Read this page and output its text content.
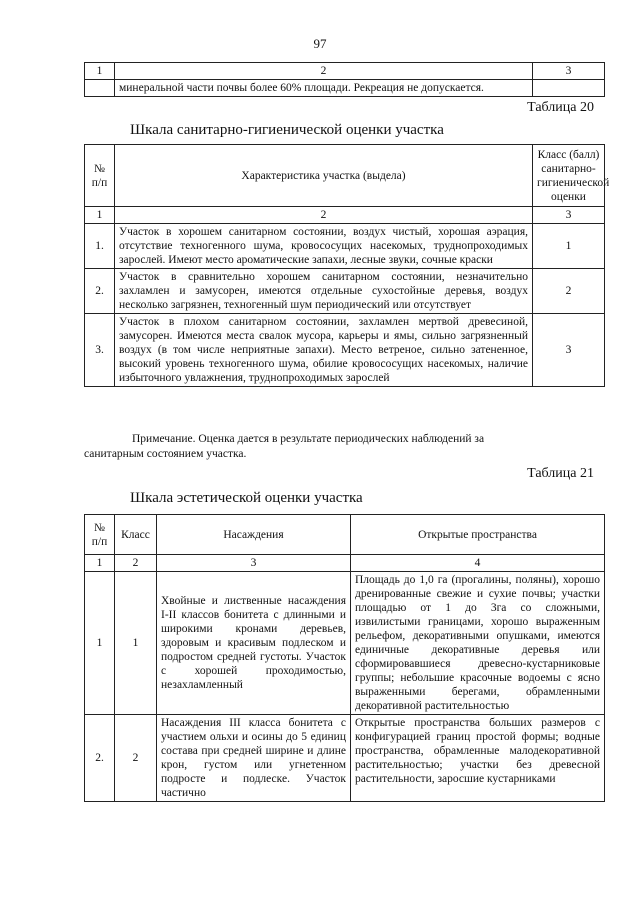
97
1	2	3
	минеральной части почвы более 60% площади. Рекреация не допускается.	
Таблица 20
Шкала санитарно-гигиенической оценки участка
№ п/п	Характеристика участка (выдела)	Класс (балл) санитарно-гигиенической оценки
1	2	3
1.	Участок в хорошем санитарном состоянии, воздух чистый, хорошая аэрация, отсутствие техногенного шума, кровососущих насекомых, труднопроходимых зарослей. Имеют место ароматические запахи, лесные звуки, сочные краски	1
2.	Участок в сравнительно хорошем санитарном состоянии, незначительно захламлен и замусорен, имеются отдельные сухостойные деревья, воздух несколько загрязнен, техногенный шум периодический или отсутствует	2
3.	Участок в плохом санитарном состоянии, захламлен мертвой древесиной, замусорен. Имеются места свалок мусора, карьеры и ямы, сильно загрязненный воздух (в том числе неприятные запахи). Место ветреное, сильно затененное, высокий уровень техногенного шума, обилие кровососущих насекомых, наличие избыточного увлажнения, труднопроходимых зарослей	3
Примечание. Оценка дается в результате периодических наблюдений за
санитарным состоянием участка.
Таблица 21
Шкала эстетической оценки участка
№ п/п	Класс	Насаждения	Открытые пространства
1	2	3	4
1	1	Хвойные и лиственные насаждения I-II классов бонитета с длинными и широкими кронами деревьев, здоровым и красивым подлеском и подростом средней густоты. Участок с хорошей проходимостью, незахламленный	Площадь до 1,0 га (прогалины, поляны), хорошо дренированные свежие и сухие почвы; участки площадью от 1 до 3га со сложными, извилистыми границами, хорошо выраженным рельефом, декоративными опушками, имеются единичные декоративные деревья или сформировавшиеся древесно-кустарниковые группы; небольшие красочные водоемы с ясно выраженными берегами, обрамленными декоративной растительностью
2.	2	Насаждения III класса бонитета с участием ольхи и осины до 5 единиц состава при средней ширине и длине крон, густом или угнетенном подросте и подлеске. Участок частично	Открытые пространства больших размеров с конфигурацией границ простой формы; водные пространства, обрамленные малодекоративной растительностью; участки без древесной растительности, заросшие кустарниками
